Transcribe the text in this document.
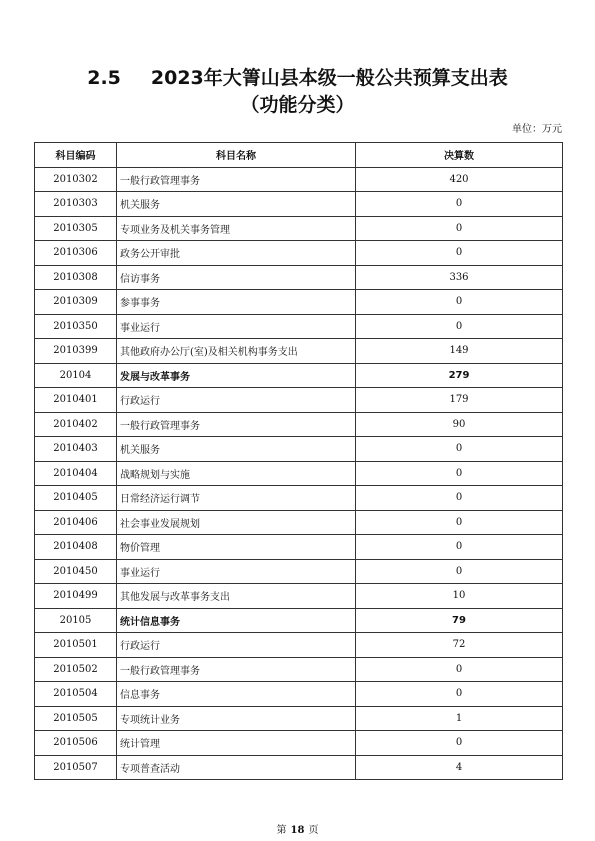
2.5 2023年大箐山县本级一般公共预算支出表
（功能分类）
单位：万元
科目编码	科目名称	决算数
2010302	一般行政管理事务	420
2010303	机关服务	0
2010305	专项业务及机关事务管理	0
2010306	政务公开审批	0
2010308	信访事务	336
2010309	参事事务	0
2010350	事业运行	0
2010399	其他政府办公厅(室)及相关机构事务支出	149
20104	发展与改革事务	279
2010401	行政运行	179
2010402	一般行政管理事务	90
2010403	机关服务	0
2010404	战略规划与实施	0
2010405	日常经济运行调节	0
2010406	社会事业发展规划	0
2010408	物价管理	0
2010450	事业运行	0
2010499	其他发展与改革事务支出	10
20105	统计信息事务	79
2010501	行政运行	72
2010502	一般行政管理事务	0
2010504	信息事务	0
2010505	专项统计业务	1
2010506	统计管理	0
2010507	专项普查活动	4
第 18 页
